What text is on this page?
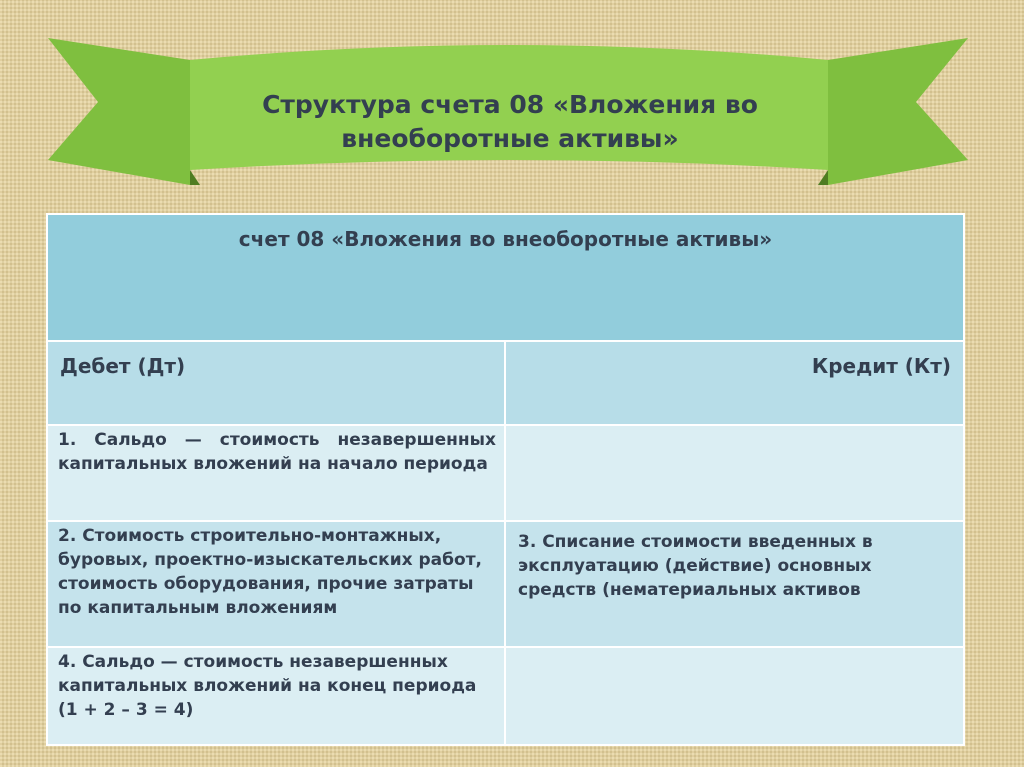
Структура счета 08 «Вложения во внеоборотные активы»
счет 08 «Вложения во внеоборотные активы»	
Дебет (Дт)	Кредит (Кт)
1. Сальдо — стоимость незавершенных капитальных вложений на начало периода	
2. Стоимость строительно-монтажных, буровых, проектно-изыскательских работ, стоимость оборудования, прочие затраты по капитальным вложениям	3. Списание стоимости введенных в эксплуатацию (действие) основных средств (нематериальных активов
4. Сальдо — стоимость незавершенных капитальных вложений на конец периода (1 + 2 – 3 = 4)	
